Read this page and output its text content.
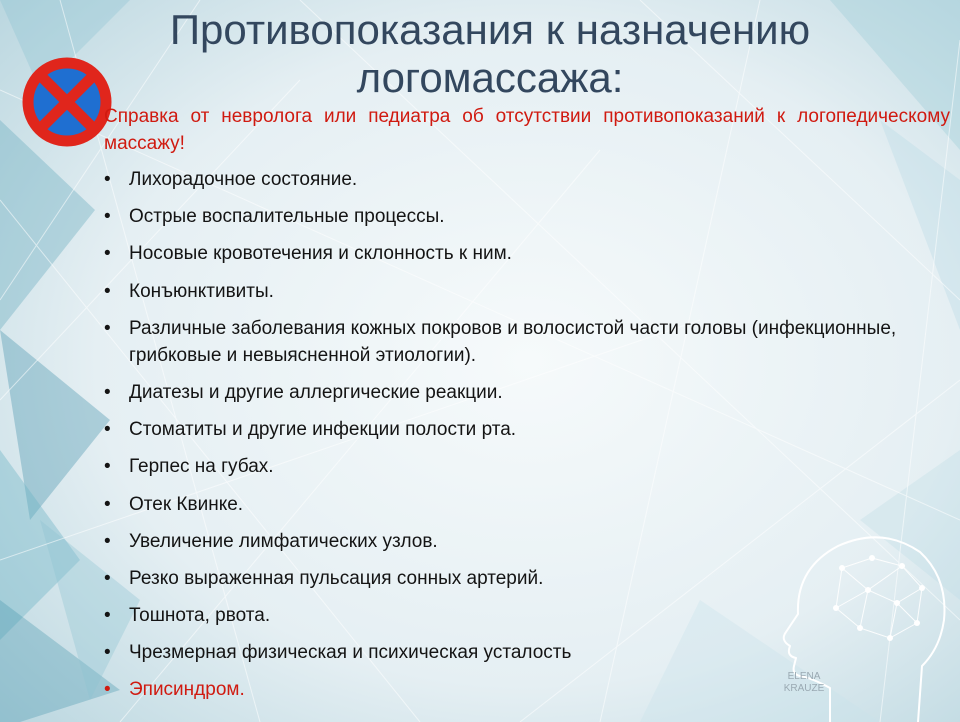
Противопоказания к назначению
логомассажа:

Справка от невролога или педиатра об отсутствии противопоказаний к логопедическому массажу!

• Лихорадочное состояние.
• Острые воспалительные процессы.
• Носовые кровотечения и склонность к ним.
• Конъюнктивиты.
• Различные заболевания кожных покровов и волосистой части головы (инфекционные, грибковые и невыясненной этиологии).
• Диатезы и другие аллергические реакции.
• Стоматиты и другие инфекции полости рта.
• Герпес на губах.
• Отек Квинке.
• Увеличение лимфатических узлов.
• Резко выраженная пульсация сонных артерий.
• Тошнота, рвота.
• Чрезмерная физическая и психическая усталость
• Эписиндром.
ELENA
KRAUZE
